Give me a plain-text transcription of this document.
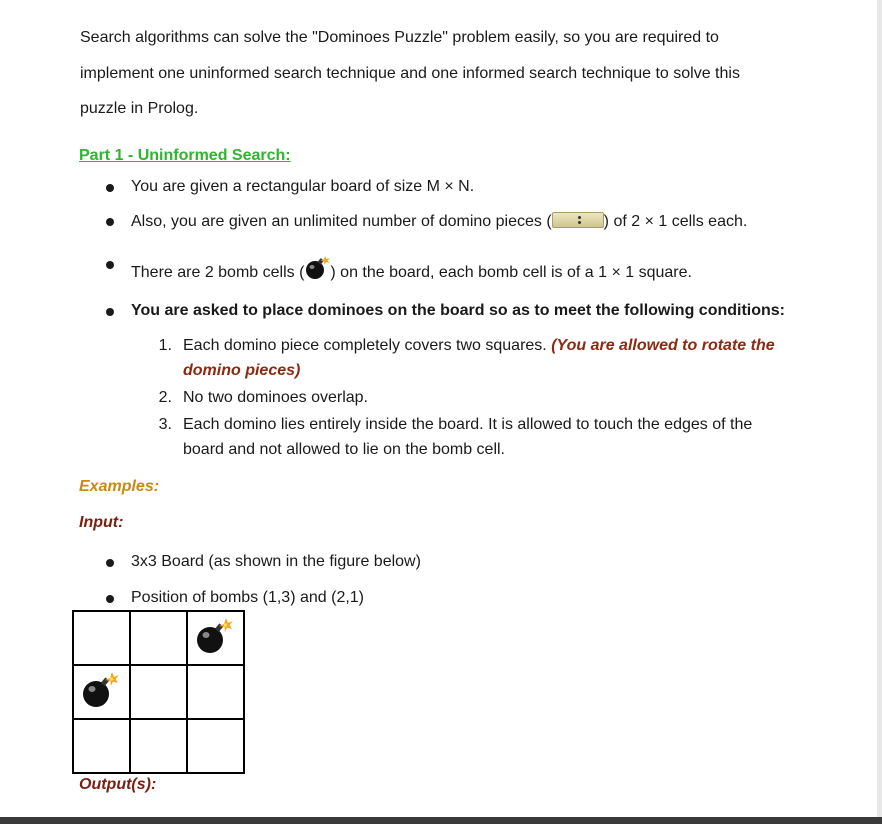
Search algorithms can solve the "Dominoes Puzzle" problem easily, so you are required to
implement one uninformed search technique and one informed search technique to solve this
puzzle in Prolog.
Part 1 - Uninformed Search:
You are given a rectangular board of size M × N.
Also, you are given an unlimited number of domino pieces (	) of 2 × 1 cells each.
There are 2 bomb cells ( ) on the board, each bomb cell is of a 1 × 1 square.
You are asked to place dominoes on the board so as to meet the following conditions:
1. Each domino piece completely covers two squares. (You are allowed to rotate the
domino pieces)
2. No two dominoes overlap.
3. Each domino lies entirely inside the board. It is allowed to touch the edges of the
board and not allowed to lie on the bomb cell.
Examples:
Input:
3x3 Board (as shown in the figure below)
Position of bombs (1,3) and (2,1)

Output(s):
